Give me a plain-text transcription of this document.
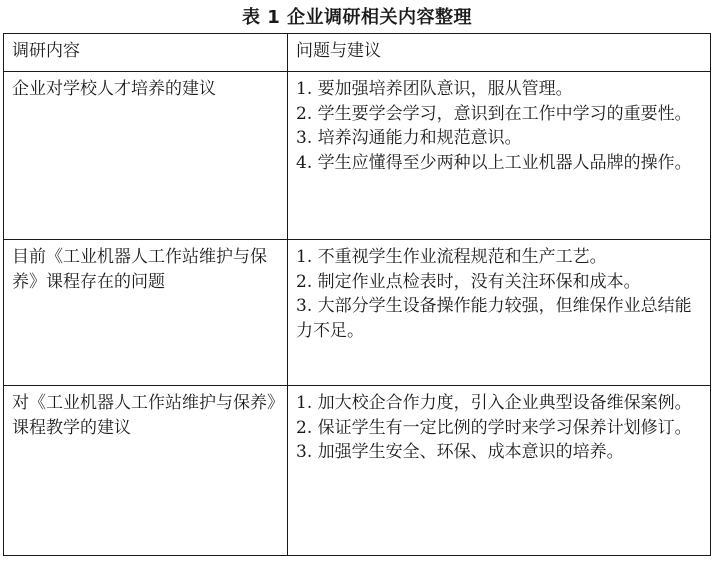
表 1 企业调研相关内容整理
调研内容	问题与建议

企业对学校人才培养的建议	1. 要加强培养团队意识，服从管理。
2. 学生要学会学习，意识到在工作中学习的重要性。
3. 培养沟通能力和规范意识。
4. 学生应懂得至少两种以上工业机器人品牌的操作。

目前《工业机器人工作站维护与保养》课程存在的问题	1. 不重视学生作业流程规范和生产工艺。
2. 制定作业点检表时，没有关注环保和成本。
3. 大部分学生设备操作能力较强，但维保作业总结能力不足。

对《工业机器人工作站维护与保养》课程教学的建议	1. 加大校企合作力度，引入企业典型设备维保案例。
2. 保证学生有一定比例的学时来学习保养计划修订。
3. 加强学生安全、环保、成本意识的培养。
